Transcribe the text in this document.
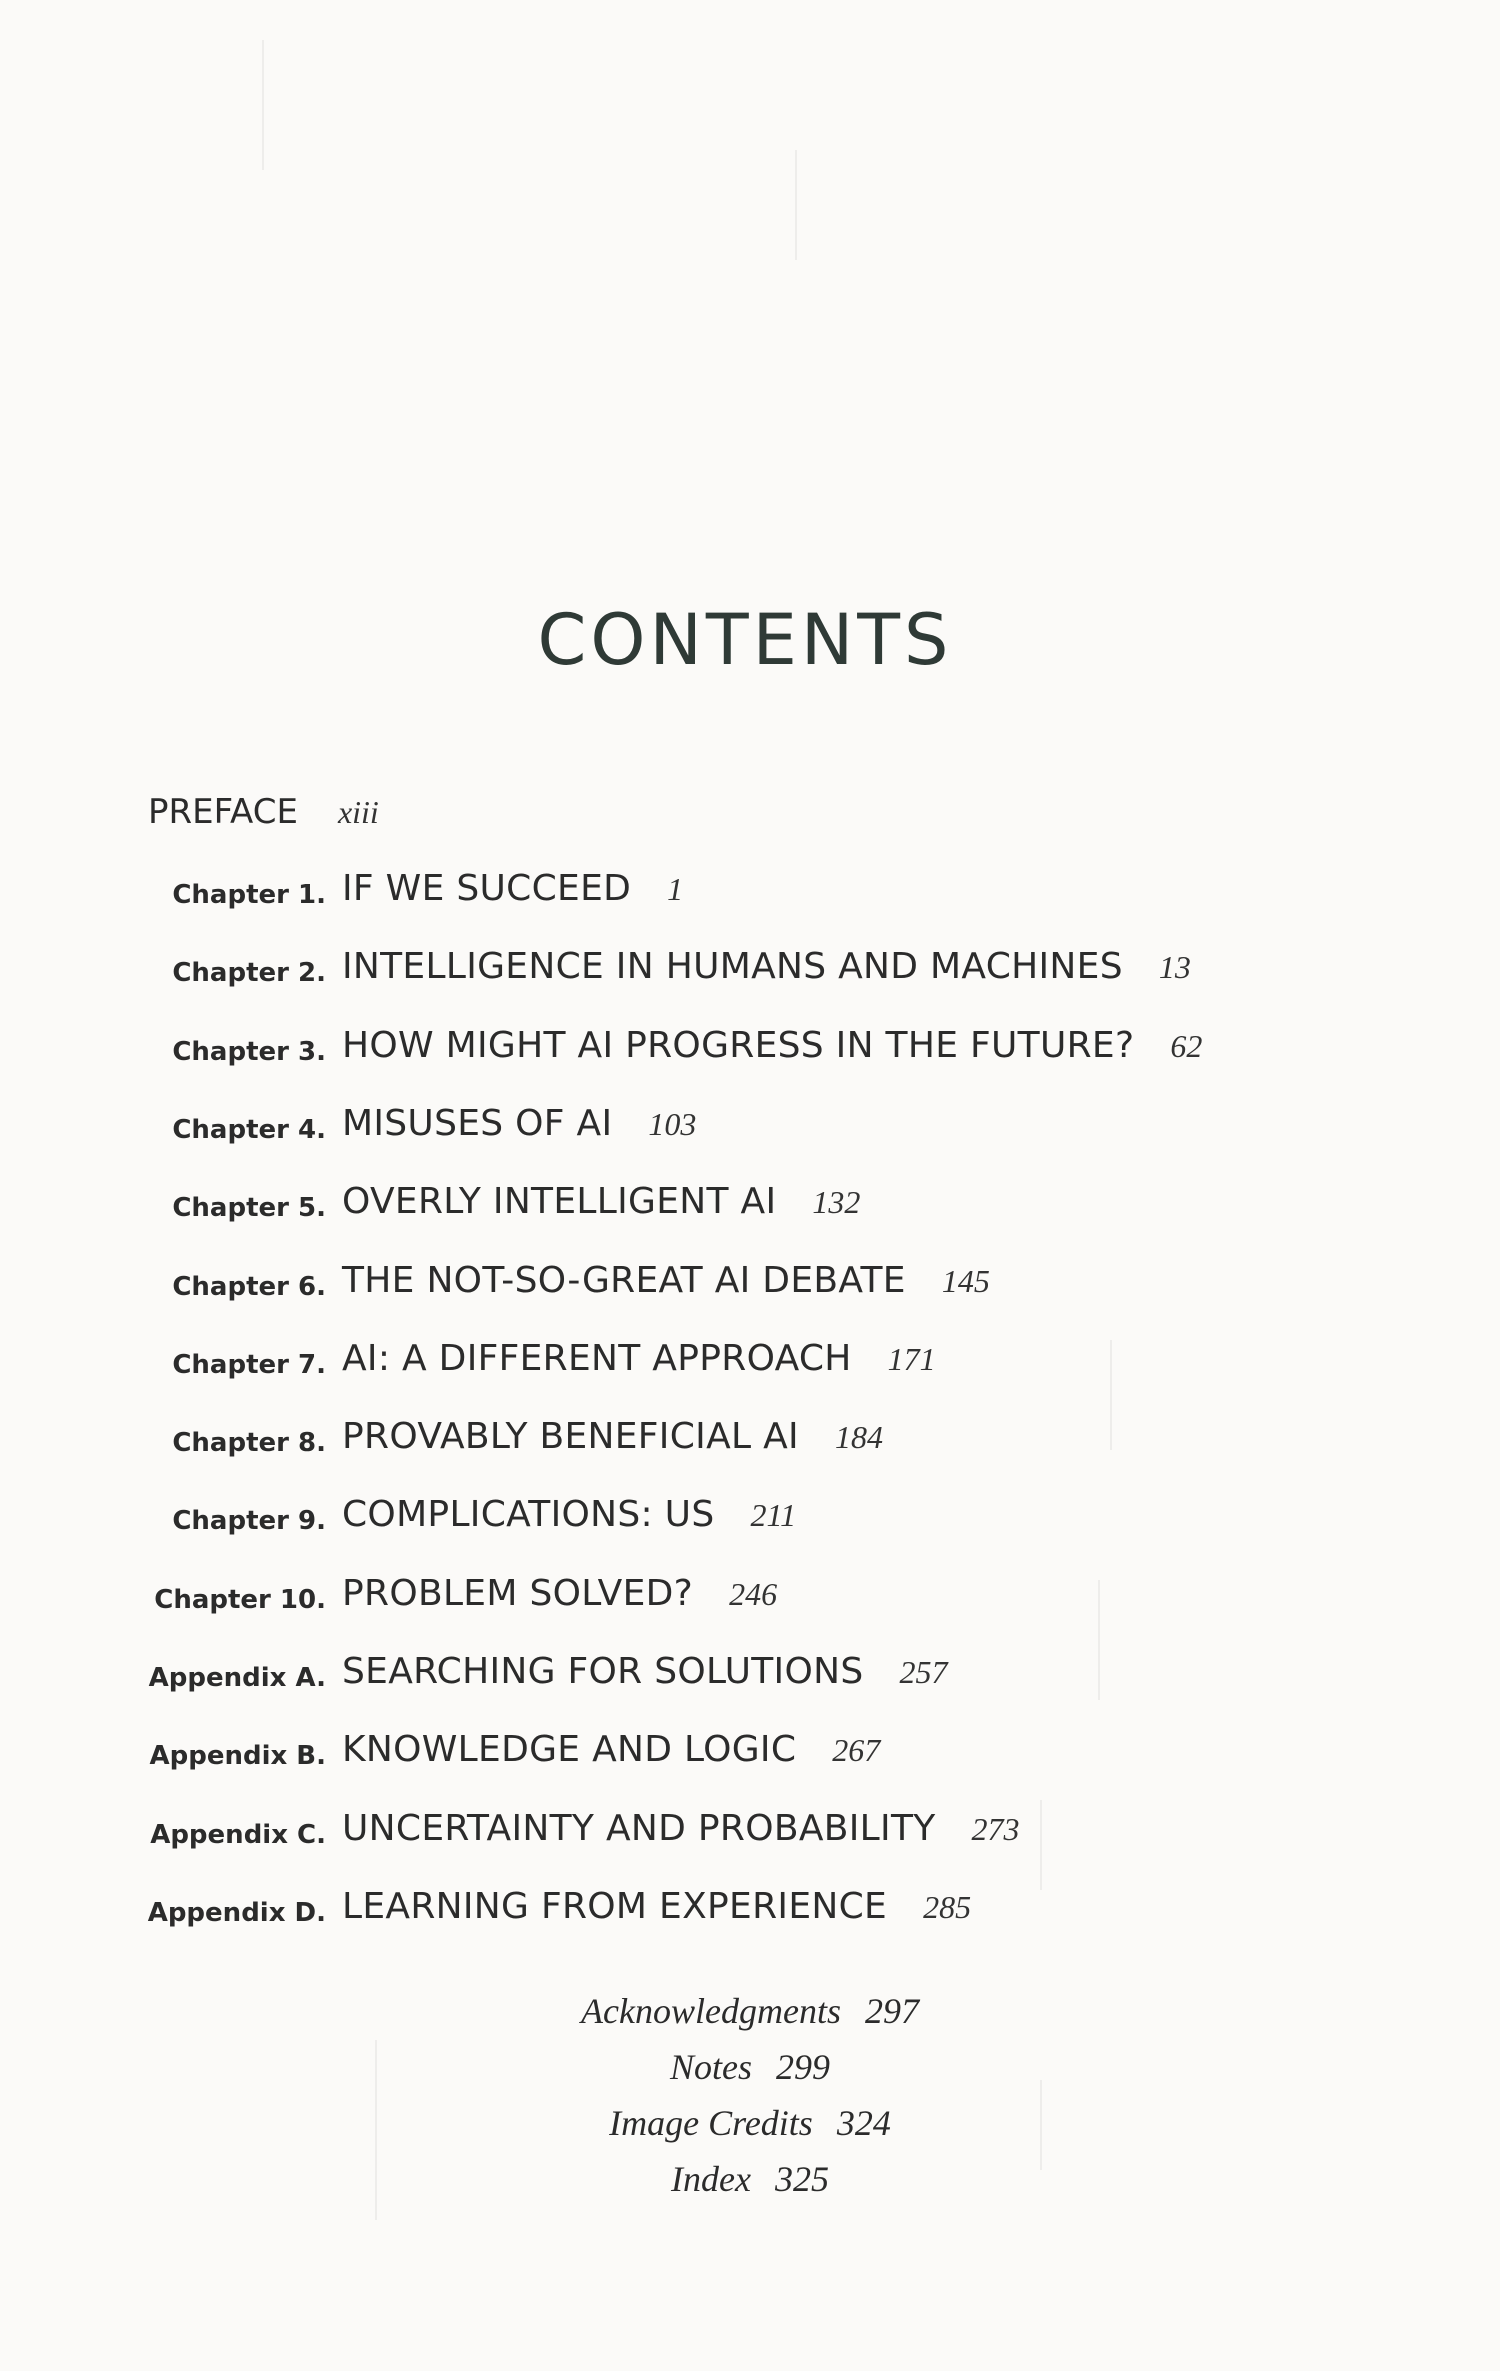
CONTENTS
PREFACE xiii
Chapter 1. IF WE SUCCEED 1
Chapter 2. INTELLIGENCE IN HUMANS AND MACHINES 13
Chapter 3. HOW MIGHT AI PROGRESS IN THE FUTURE? 62
Chapter 4. MISUSES OF AI 103
Chapter 5. OVERLY INTELLIGENT AI 132
Chapter 6. THE NOT-SO-GREAT AI DEBATE 145
Chapter 7. AI: A DIFFERENT APPROACH 171
Chapter 8. PROVABLY BENEFICIAL AI 184
Chapter 9. COMPLICATIONS: US 211
Chapter 10. PROBLEM SOLVED? 246
Appendix A. SEARCHING FOR SOLUTIONS 257
Appendix B. KNOWLEDGE AND LOGIC 267
Appendix C. UNCERTAINTY AND PROBABILITY 273
Appendix D. LEARNING FROM EXPERIENCE 285
Acknowledgments 297
Notes 299
Image Credits 324
Index 325
